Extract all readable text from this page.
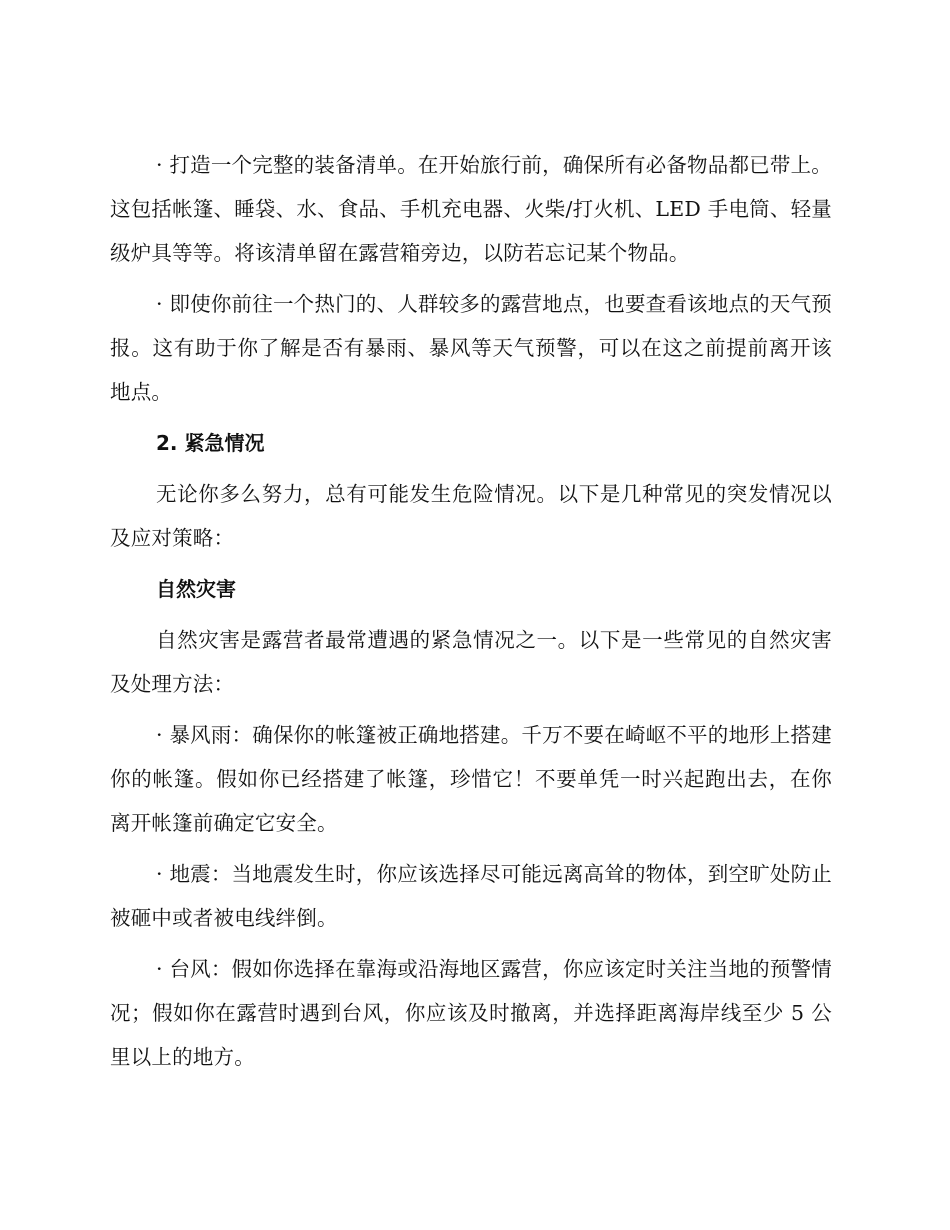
· 打造一个完整的装备清单。在开始旅行前，确保所有必备物品都已带上。这包括帐篷、睡袋、水、食品、手机充电器、火柴/打火机、LED 手电筒、轻量级炉具等等。将该清单留在露营箱旁边，以防若忘记某个物品。

· 即使你前往一个热门的、人群较多的露营地点，也要查看该地点的天气预报。这有助于你了解是否有暴雨、暴风等天气预警，可以在这之前提前离开该地点。

2. 紧急情况

无论你多么努力，总有可能发生危险情况。以下是几种常见的突发情况以及应对策略：

自然灾害

自然灾害是露营者最常遭遇的紧急情况之一。以下是一些常见的自然灾害及处理方法：

· 暴风雨：确保你的帐篷被正确地搭建。千万不要在崎岖不平的地形上搭建你的帐篷。假如你已经搭建了帐篷，珍惜它！不要单凭一时兴起跑出去，在你离开帐篷前确定它安全。

· 地震：当地震发生时，你应该选择尽可能远离高耸的物体，到空旷处防止被砸中或者被电线绊倒。

· 台风：假如你选择在靠海或沿海地区露营，你应该定时关注当地的预警情况；假如你在露营时遇到台风，你应该及时撤离，并选择距离海岸线至少 5 公里以上的地方。
